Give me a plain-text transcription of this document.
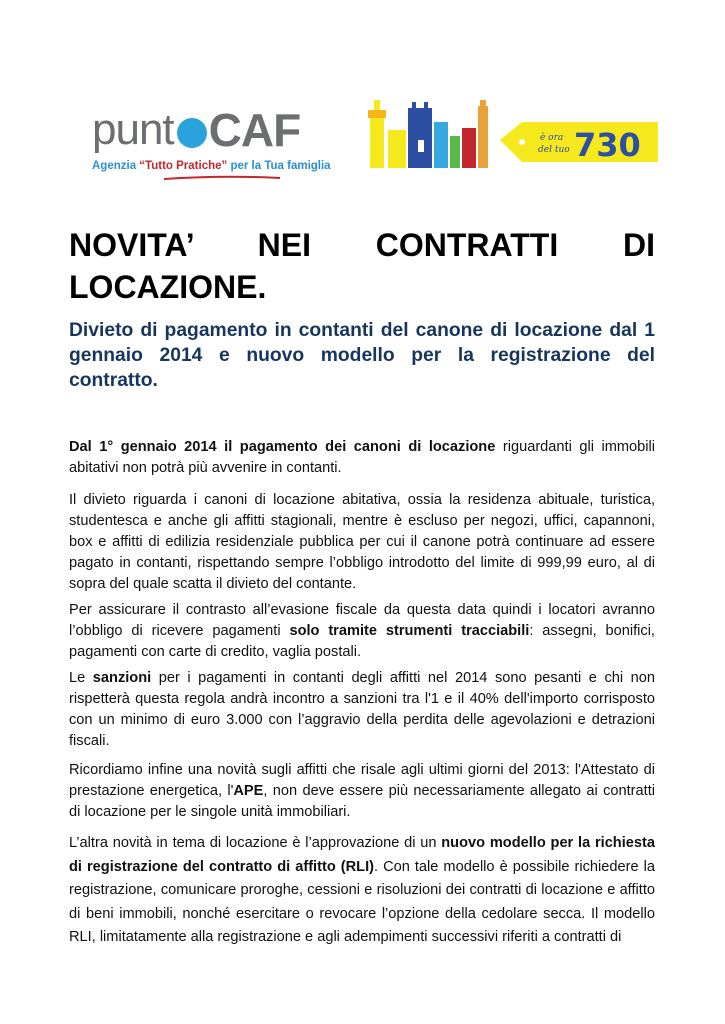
punt CAF
Agenzia “Tutto Pratiche” per la Tua famiglia
è ora
del tuo 730
NOVITA’ NEI CONTRATTI DI LOCAZIONE.

Divieto di pagamento in contanti del canone di locazione dal 1 gennaio 2014 e nuovo modello per la registrazione del contratto.

Dal 1° gennaio 2014 il pagamento dei canoni di locazione riguardanti gli immobili abitativi non potrà più avvenire in contanti.

Il divieto riguarda i canoni di locazione abitativa, ossia la residenza abituale, turistica, studentesca e anche gli affitti stagionali, mentre è escluso per negozi, uffici, capannoni, box e affitti di edilizia residenziale pubblica per cui il canone potrà continuare ad essere pagato in contanti, rispettando sempre l’obbligo introdotto del limite di 999,99 euro, al di sopra del quale scatta il divieto del contante.

Per assicurare il contrasto all’evasione fiscale da questa data quindi i locatori avranno l’obbligo di ricevere pagamenti solo tramite strumenti tracciabili: assegni, bonifici, pagamenti con carte di credito, vaglia postali.

Le sanzioni per i pagamenti in contanti degli affitti nel 2014 sono pesanti e chi non rispetterà questa regola andrà incontro a sanzioni tra l'1 e il 40% dell'importo corrisposto con un minimo di euro 3.000 con l’aggravio della perdita delle agevolazioni e detrazioni fiscali.

Ricordiamo infine una novità sugli affitti che risale agli ultimi giorni del 2013: l'Attestato di prestazione energetica, l'APE, non deve essere più necessariamente allegato ai contratti di locazione per le singole unità immobiliari.

L’altra novità in tema di locazione è l’approvazione di un nuovo modello per la richiesta di registrazione del contratto di affitto (RLI). Con tale modello è possibile richiedere la registrazione, comunicare proroghe, cessioni e risoluzioni dei contratti di locazione e affitto di beni immobili, nonché esercitare o revocare l’opzione della cedolare secca. Il modello RLI, limitatamente alla registrazione e agli adempimenti successivi riferiti a contratti di
